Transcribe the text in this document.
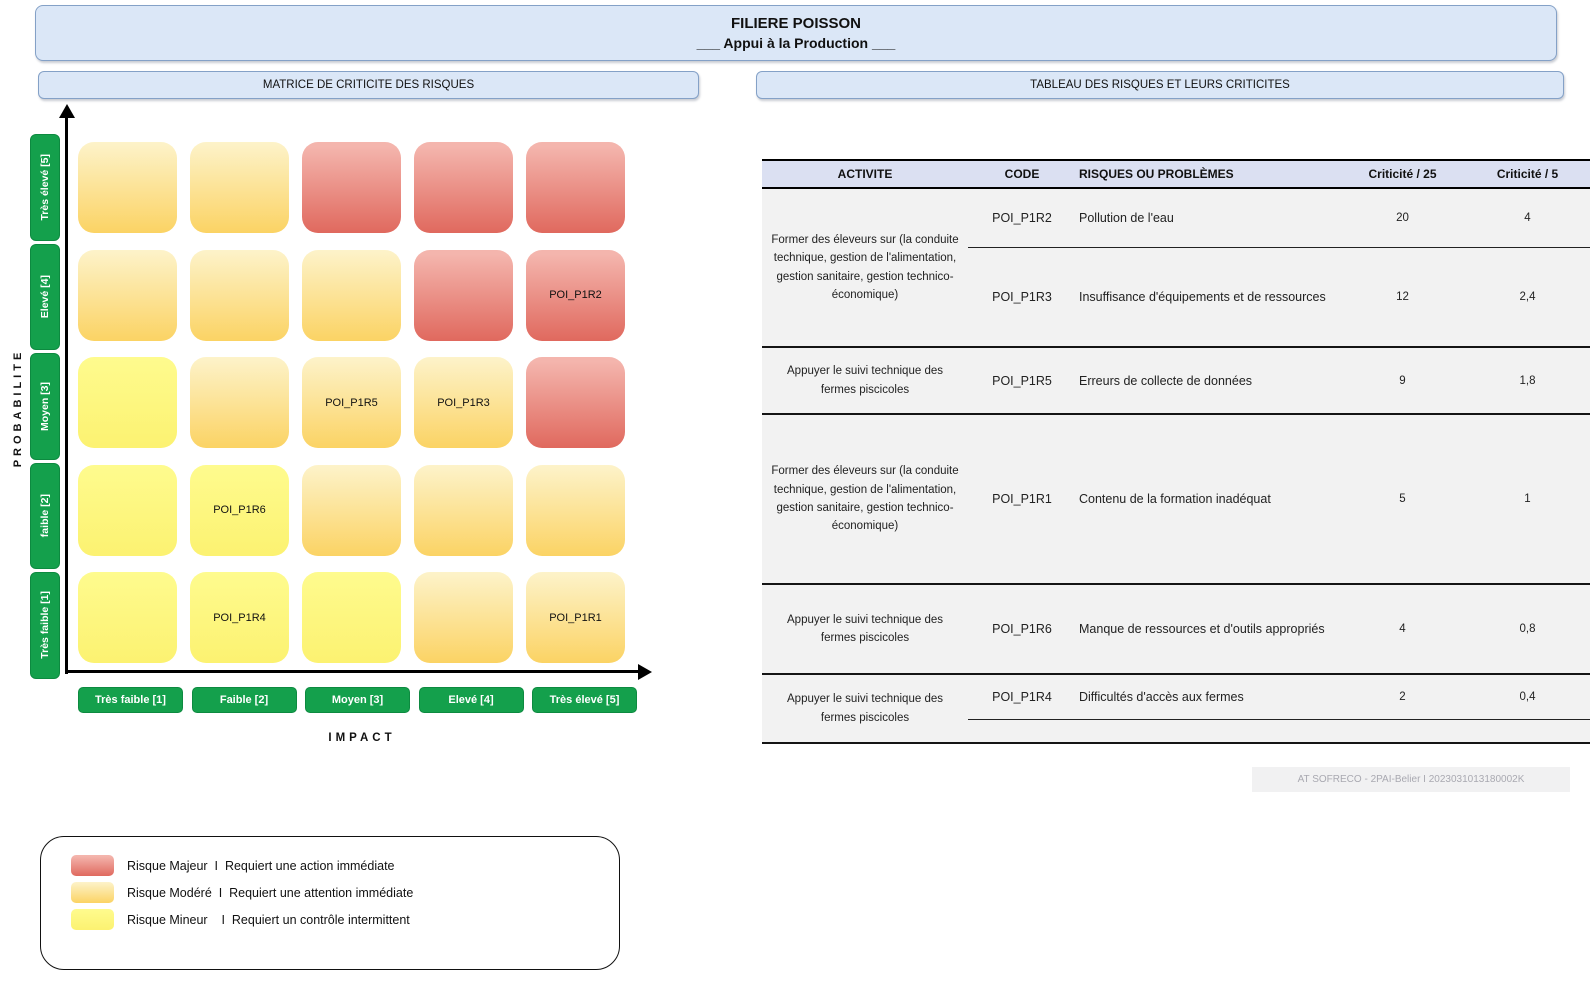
FILIERE POISSON
___ Appui à la Production ___
MATRICE DE CRITICITE DES RISQUES	TABLEAU DES RISQUES ET LEURS CRITICITES
PROBABILITE
Très élevé [5]
Elevé [4]
Moyen [3]
faible [2]
Très faible [1]
POI_P1R2
POI_P1R5	POI_P1R3
POI_P1R6
POI_P1R4	POI_P1R1
Très faible [1]	Faible [2]	Moyen [3]	Elevé [4]	Très élevé [5]
IMPACT
Risque Majeur  I  Requiert une action immédiate
Risque Modéré  I  Requiert une attention immédiate
Risque Mineur    I  Requiert un contrôle intermittent
ACTIVITE	CODE	RISQUES OU PROBLÈMES	Criticité / 25	Criticité / 5
Former des éleveurs sur (la conduite technique, gestion de l'alimentation, gestion sanitaire, gestion technico-économique)
POI_P1R2	Pollution de l'eau	20	4
POI_P1R3	Insuffisance d'équipements et de ressources	12	2,4
Appuyer le suivi technique des fermes piscicoles
POI_P1R5	Erreurs de collecte de données	9	1,8
Former des éleveurs sur (la conduite technique, gestion de l'alimentation, gestion sanitaire, gestion technico-économique)
POI_P1R1	Contenu de la formation inadéquat	5	1
Appuyer le suivi technique des fermes piscicoles
POI_P1R6	Manque de ressources et d'outils appropriés	4	0,8
Appuyer le suivi technique des fermes piscicoles
POI_P1R4	Difficultés d'accès aux fermes	2	0,4
AT SOFRECO - 2PAI-Belier I 2023031013180002K
